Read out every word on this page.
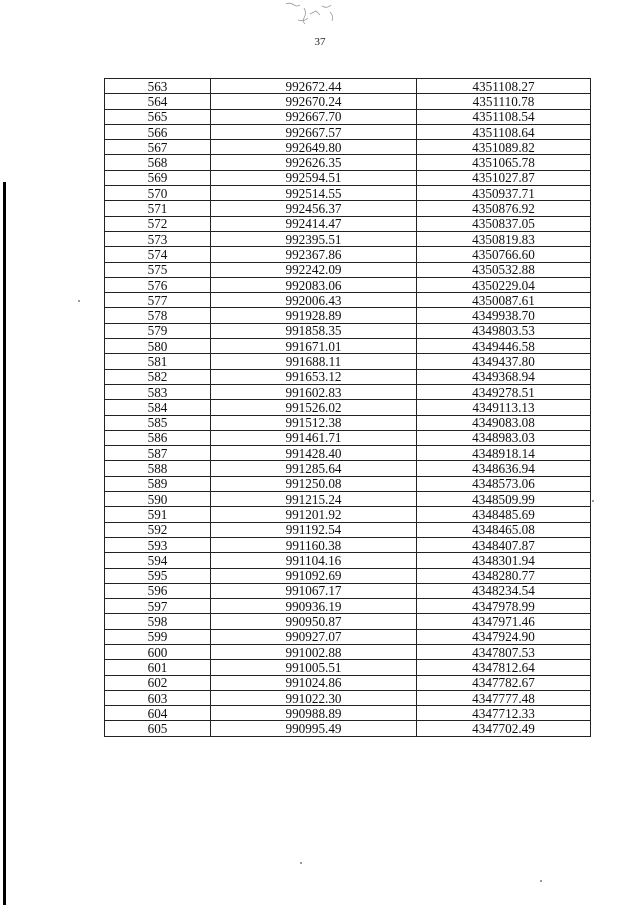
37
563	992672.44	4351108.27
564	992670.24	4351110.78
565	992667.70	4351108.54
566	992667.57	4351108.64
567	992649.80	4351089.82
568	992626.35	4351065.78
569	992594.51	4351027.87
570	992514.55	4350937.71
571	992456.37	4350876.92
572	992414.47	4350837.05
573	992395.51	4350819.83
574	992367.86	4350766.60
575	992242.09	4350532.88
576	992083.06	4350229.04
577	992006.43	4350087.61
578	991928.89	4349938.70
579	991858.35	4349803.53
580	991671.01	4349446.58
581	991688.11	4349437.80
582	991653.12	4349368.94
583	991602.83	4349278.51
584	991526.02	4349113.13
585	991512.38	4349083.08
586	991461.71	4348983.03
587	991428.40	4348918.14
588	991285.64	4348636.94
589	991250.08	4348573.06
590	991215.24	4348509.99
591	991201.92	4348485.69
592	991192.54	4348465.08
593	991160.38	4348407.87
594	991104.16	4348301.94
595	991092.69	4348280.77
596	991067.17	4348234.54
597	990936.19	4347978.99
598	990950.87	4347971.46
599	990927.07	4347924.90
600	991002.88	4347807.53
601	991005.51	4347812.64
602	991024.86	4347782.67
603	991022.30	4347777.48
604	990988.89	4347712.33
605	990995.49	4347702.49
